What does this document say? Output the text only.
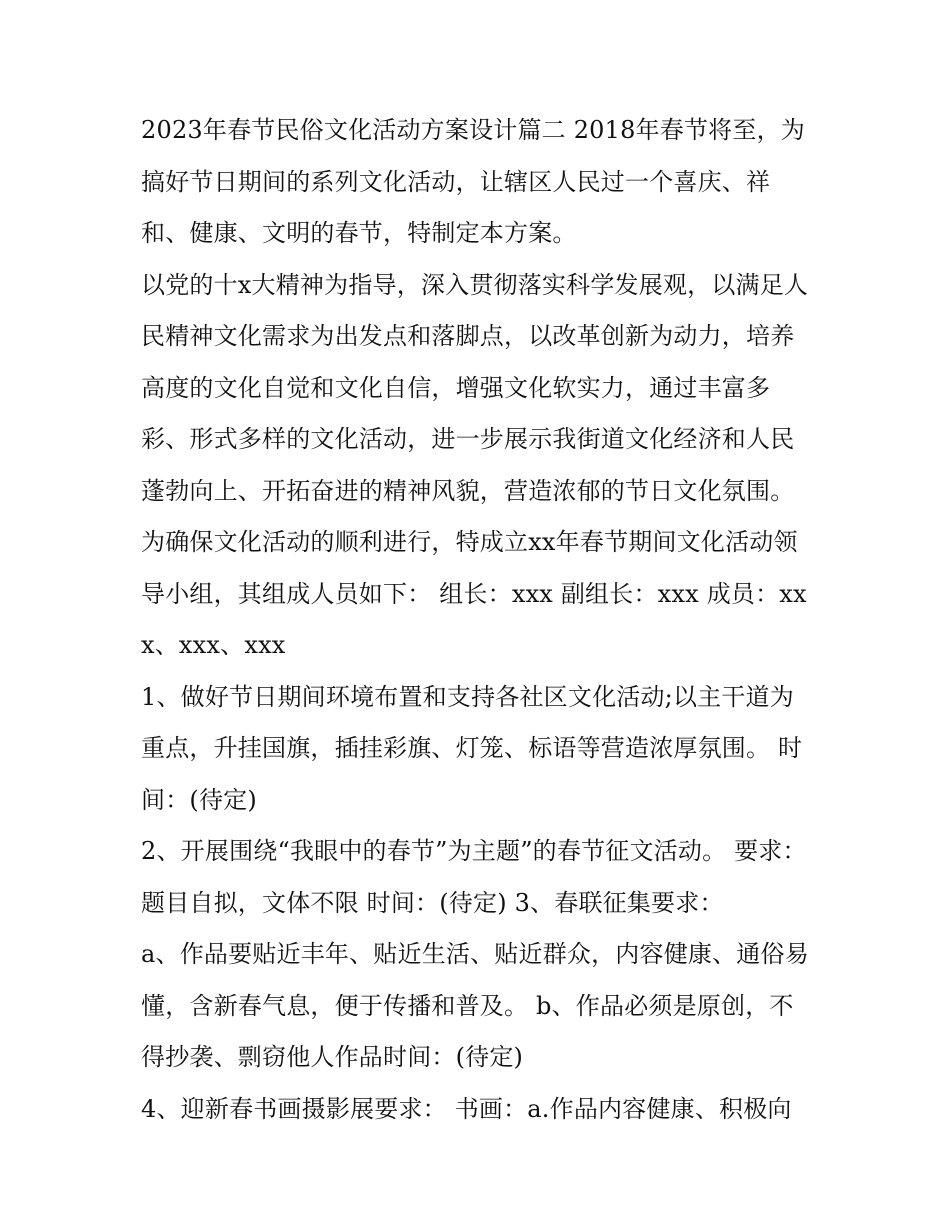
2023年春节民俗文化活动方案设计篇二 2018年春节将至，为搞好节日期间的系列文化活动，让辖区人民过一个喜庆、祥和、健康、文明的春节，特制定本方案。

以党的十x大精神为指导，深入贯彻落实科学发展观，以满足人民精神文化需求为出发点和落脚点，以改革创新为动力，培养高度的文化自觉和文化自信，增强文化软实力，通过丰富多彩、形式多样的文化活动，进一步展示我街道文化经济和人民蓬勃向上、开拓奋进的精神风貌，营造浓郁的节日文化氛围。

为确保文化活动的顺利进行，特成立xx年春节期间文化活动领导小组，其组成人员如下： 组长：xxx 副组长：xxx 成员：xxx、xxx、xxx

1、做好节日期间环境布置和支持各社区文化活动;以主干道为重点，升挂国旗，插挂彩旗、灯笼、标语等营造浓厚氛围。 时间：(待定)

2、开展围绕“我眼中的春节”为主题”的春节征文活动。 要求：题目自拟，文体不限 时间：(待定) 3、春联征集要求：

a、作品要贴近丰年、贴近生活、贴近群众，内容健康、通俗易懂，含新春气息，便于传播和普及。 b、作品必须是原创，不得抄袭、剽窃他人作品时间：(待定)

4、迎新春书画摄影展要求： 书画：a.作品内容健康、积极向
